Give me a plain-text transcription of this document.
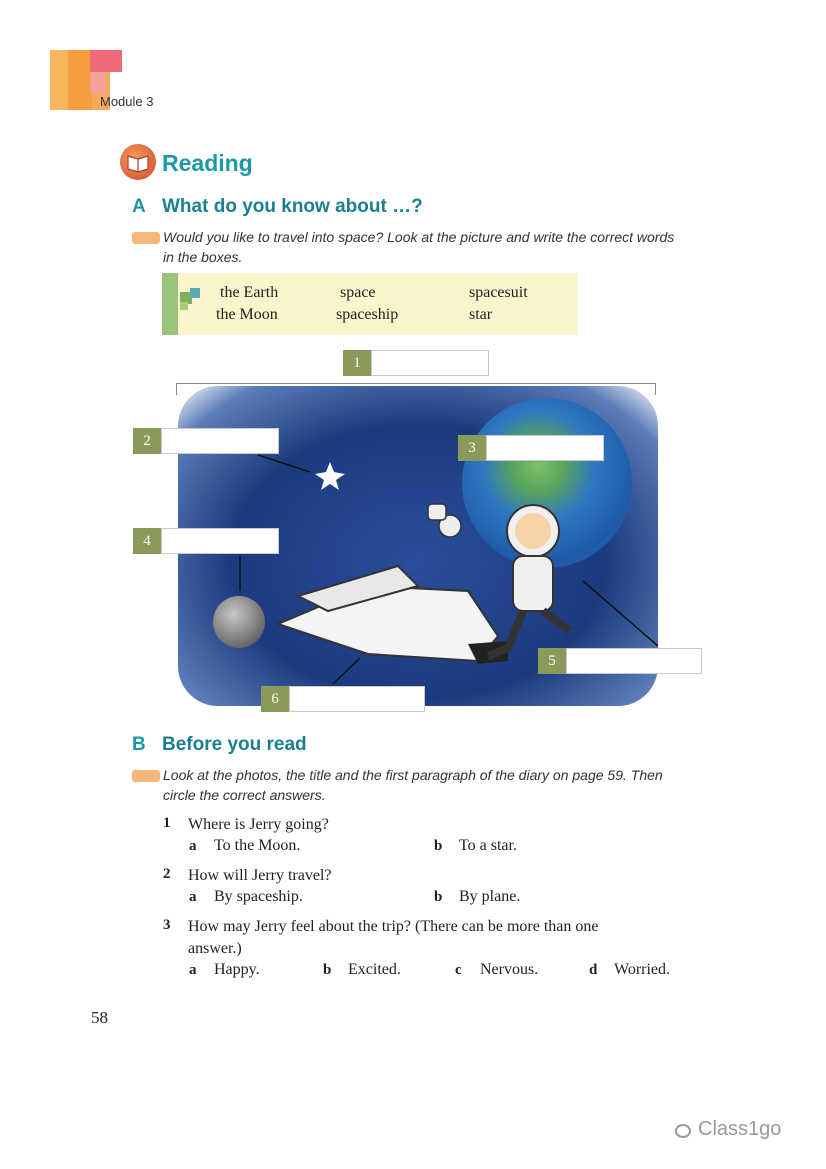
Module 3
Reading
A What do you know about …?
Would you like to travel into space? Look at the picture and write the correct words
in the boxes.
the Earth	space	spacesuit
the Moon	spaceship	star
1
2	3
4
5
6
B Before you read
Look at the photos, the title and the first paragraph of the diary on page 59. Then
circle the correct answers.
1 Where is Jerry going?
a To the Moon.	b To a star.
2 How will Jerry travel?
a By spaceship.	b By plane.
3 How may Jerry feel about the trip? (There can be more than one
answer.)
a Happy.	b Excited.	c Nervous.	d Worried.
58
Class1go
